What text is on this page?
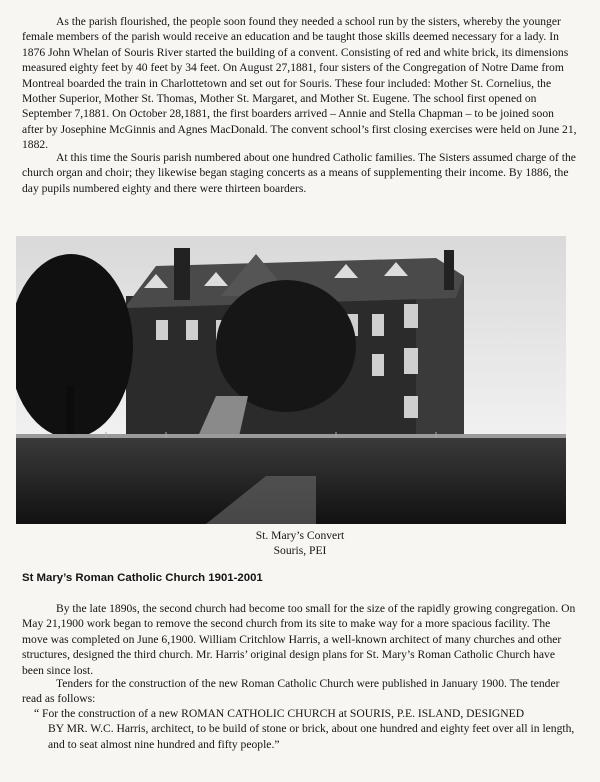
As the parish flourished, the people soon found they needed a school run by the sisters, whereby the younger female members of the parish would receive an education and be taught those skills deemed necessary for a lady. In 1876 John Whelan of Souris River started the building of a convent. Consisting of red and white brick, its dimensions measured eighty feet by 40 feet by 34 feet. On August 27,1881, four sisters of the Congregation of Notre Dame from Montreal boarded the train in Charlottetown and set out for Souris. These four included: Mother St. Cornelius, the Mother Superior, Mother St. Thomas, Mother St. Margaret, and Mother St. Eugene. The school first opened on September 7,1881. On October 28,1881, the first boarders arrived – Annie and Stella Chapman – to be joined soon after by Josephine McGinnis and Agnes MacDonald. The convent school’s first closing exercises were held on June 21, 1882.

At this time the Souris parish numbered about one hundred Catholic families. The Sisters assumed charge of the church organ and choir; they likewise began staging concerts as a means of supplementing their income. By 1886, the day pupils numbered eighty and there were thirteen boarders.

St. Mary’s Convert
Souris, PEI
St Mary’s Roman Catholic Church 1901-2001

By the late 1890s, the second church had become too small for the size of the rapidly growing congregation. On May 21,1900 work began to remove the second church from its site to make way for a more spacious facility. The move was completed on June 6,1900. William Critchlow Harris, a well-known architect of many churches and other structures, designed the third church. Mr. Harris’ original design plans for St. Mary’s Roman Catholic Church have been since lost.

Tenders for the construction of the new Roman Catholic Church were published in January 1900. The tender read as follows:

“ For the construction of a new ROMAN CATHOLIC CHURCH at SOURIS, P.E. ISLAND, DESIGNED
BY MR. W.C. Harris, architect, to be build of stone or brick, about one hundred and eighty feet over all in length, and to seat almost nine hundred and fifty people.”
